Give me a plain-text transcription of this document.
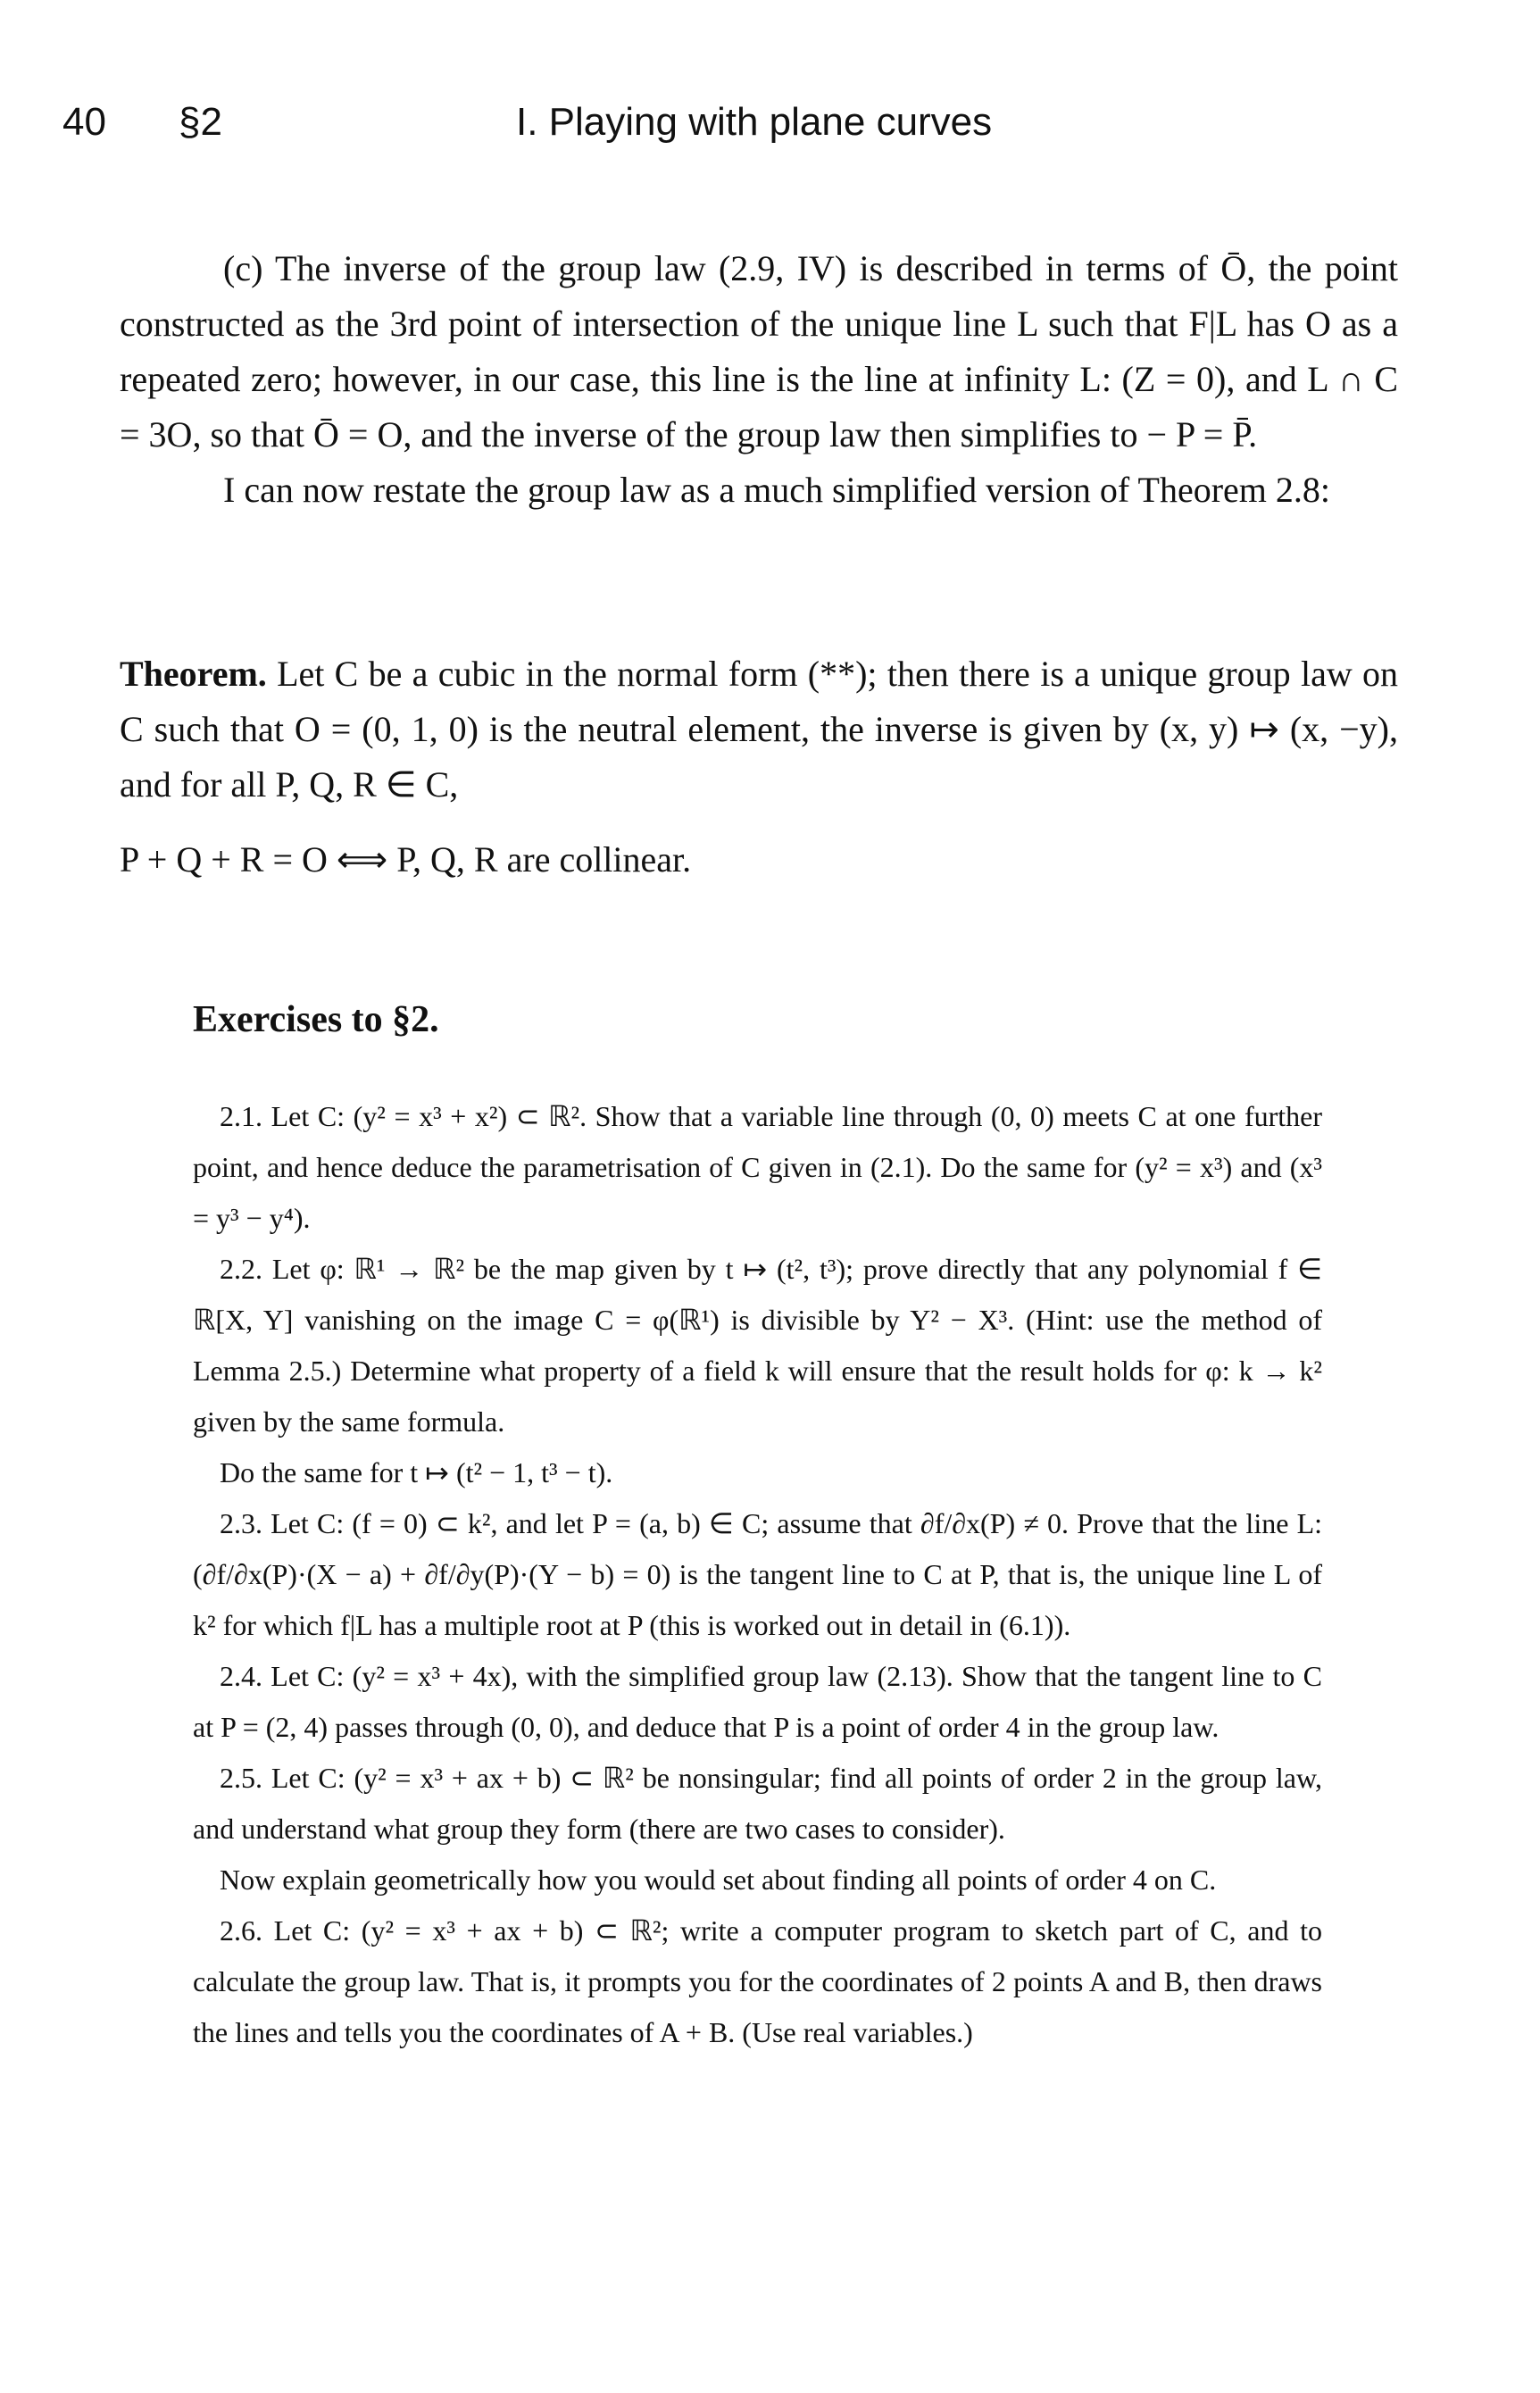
40 §2	I. Playing with plane curves

(c) The inverse of the group law (2.9, IV) is described in terms of Ō, the point constructed as the 3rd point of intersection of the unique line L such that F|L has O as a repeated zero; however, in our case, this line is the line at infinity L: (Z = 0), and L ∩ C = 3O, so that Ō = O, and the inverse of the group law then simplifies to − P = P̄.

I can now restate the group law as a much simplified version of Theorem 2.8:

Theorem. Let C be a cubic in the normal form (**); then there is a unique group law on C such that O = (0, 1, 0) is the neutral element, the inverse is given by (x, y) ↦ (x, −y), and for all P, Q, R ∈ C,

P + Q + R = O ⟺ P, Q, R are collinear.

Exercises to §2.

2.1. Let C: (y² = x³ + x²) ⊂ ℝ². Show that a variable line through (0, 0) meets C at one further point, and hence deduce the parametrisation of C given in (2.1). Do the same for (y² = x³) and (x³ = y³ − y⁴).

2.2. Let φ: ℝ¹ → ℝ² be the map given by t ↦ (t², t³); prove directly that any polynomial f ∈ ℝ[X, Y] vanishing on the image C = φ(ℝ¹) is divisible by Y² − X³. (Hint: use the method of Lemma 2.5.) Determine what property of a field k will ensure that the result holds for φ: k → k² given by the same formula.

Do the same for t ↦ (t² − 1, t³ − t).

2.3. Let C: (f = 0) ⊂ k², and let P = (a, b) ∈ C; assume that ∂f/∂x(P) ≠ 0. Prove that the line L: (∂f/∂x(P)·(X − a) + ∂f/∂y(P)·(Y − b) = 0) is the tangent line to C at P, that is, the unique line L of k² for which f|L has a multiple root at P (this is worked out in detail in (6.1)).

2.4. Let C: (y² = x³ + 4x), with the simplified group law (2.13). Show that the tangent line to C at P = (2, 4) passes through (0, 0), and deduce that P is a point of order 4 in the group law.

2.5. Let C: (y² = x³ + ax + b) ⊂ ℝ² be nonsingular; find all points of order 2 in the group law, and understand what group they form (there are two cases to consider).

Now explain geometrically how you would set about finding all points of order 4 on C.

2.6. Let C: (y² = x³ + ax + b) ⊂ ℝ²; write a computer program to sketch part of C, and to calculate the group law. That is, it prompts you for the coordinates of 2 points A and B, then draws the lines and tells you the coordinates of A + B. (Use real variables.)
